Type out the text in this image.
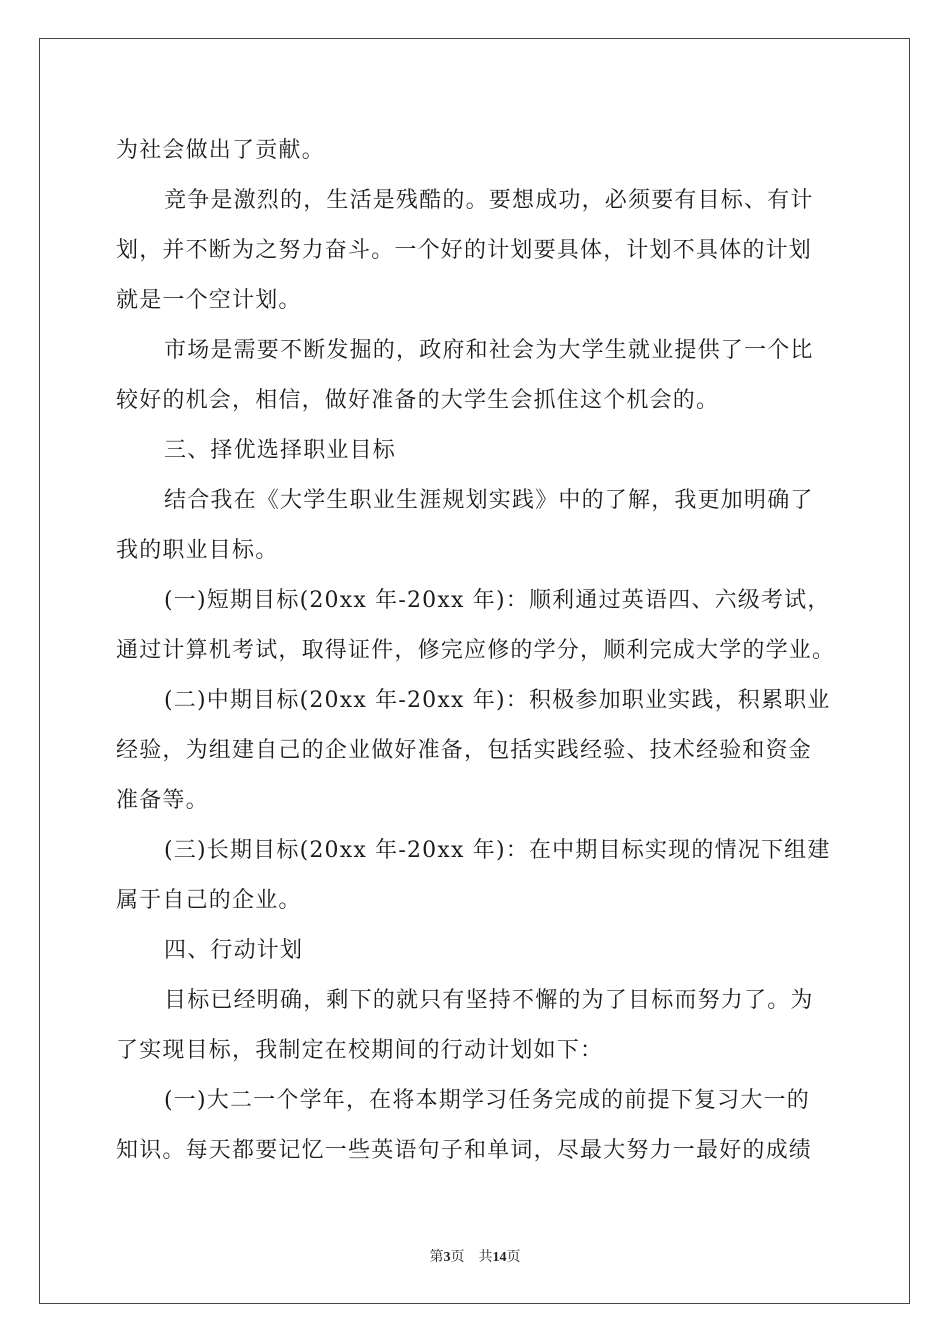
为社会做出了贡献。
竞争是激烈的，生活是残酷的。要想成功，必须要有目标、有计
划，并不断为之努力奋斗。一个好的计划要具体，计划不具体的计划
就是一个空计划。
市场是需要不断发掘的，政府和社会为大学生就业提供了一个比
较好的机会，相信，做好准备的大学生会抓住这个机会的。
三、择优选择职业目标
结合我在《大学生职业生涯规划实践》中的了解，我更加明确了
我的职业目标。
(一)短期目标(20xx 年-20xx 年)：顺利通过英语四、六级考试，
通过计算机考试，取得证件，修完应修的学分，顺利完成大学的学业。
(二)中期目标(20xx 年-20xx 年)：积极参加职业实践，积累职业
经验，为组建自己的企业做好准备，包括实践经验、技术经验和资金
准备等。
(三)长期目标(20xx 年-20xx 年)：在中期目标实现的情况下组建
属于自己的企业。
四、行动计划
目标已经明确，剩下的就只有坚持不懈的为了目标而努力了。为
了实现目标，我制定在校期间的行动计划如下：
(一)大二一个学年，在将本期学习任务完成的前提下复习大一的
知识。每天都要记忆一些英语句子和单词，尽最大努力一最好的成绩
第3页 共14页
